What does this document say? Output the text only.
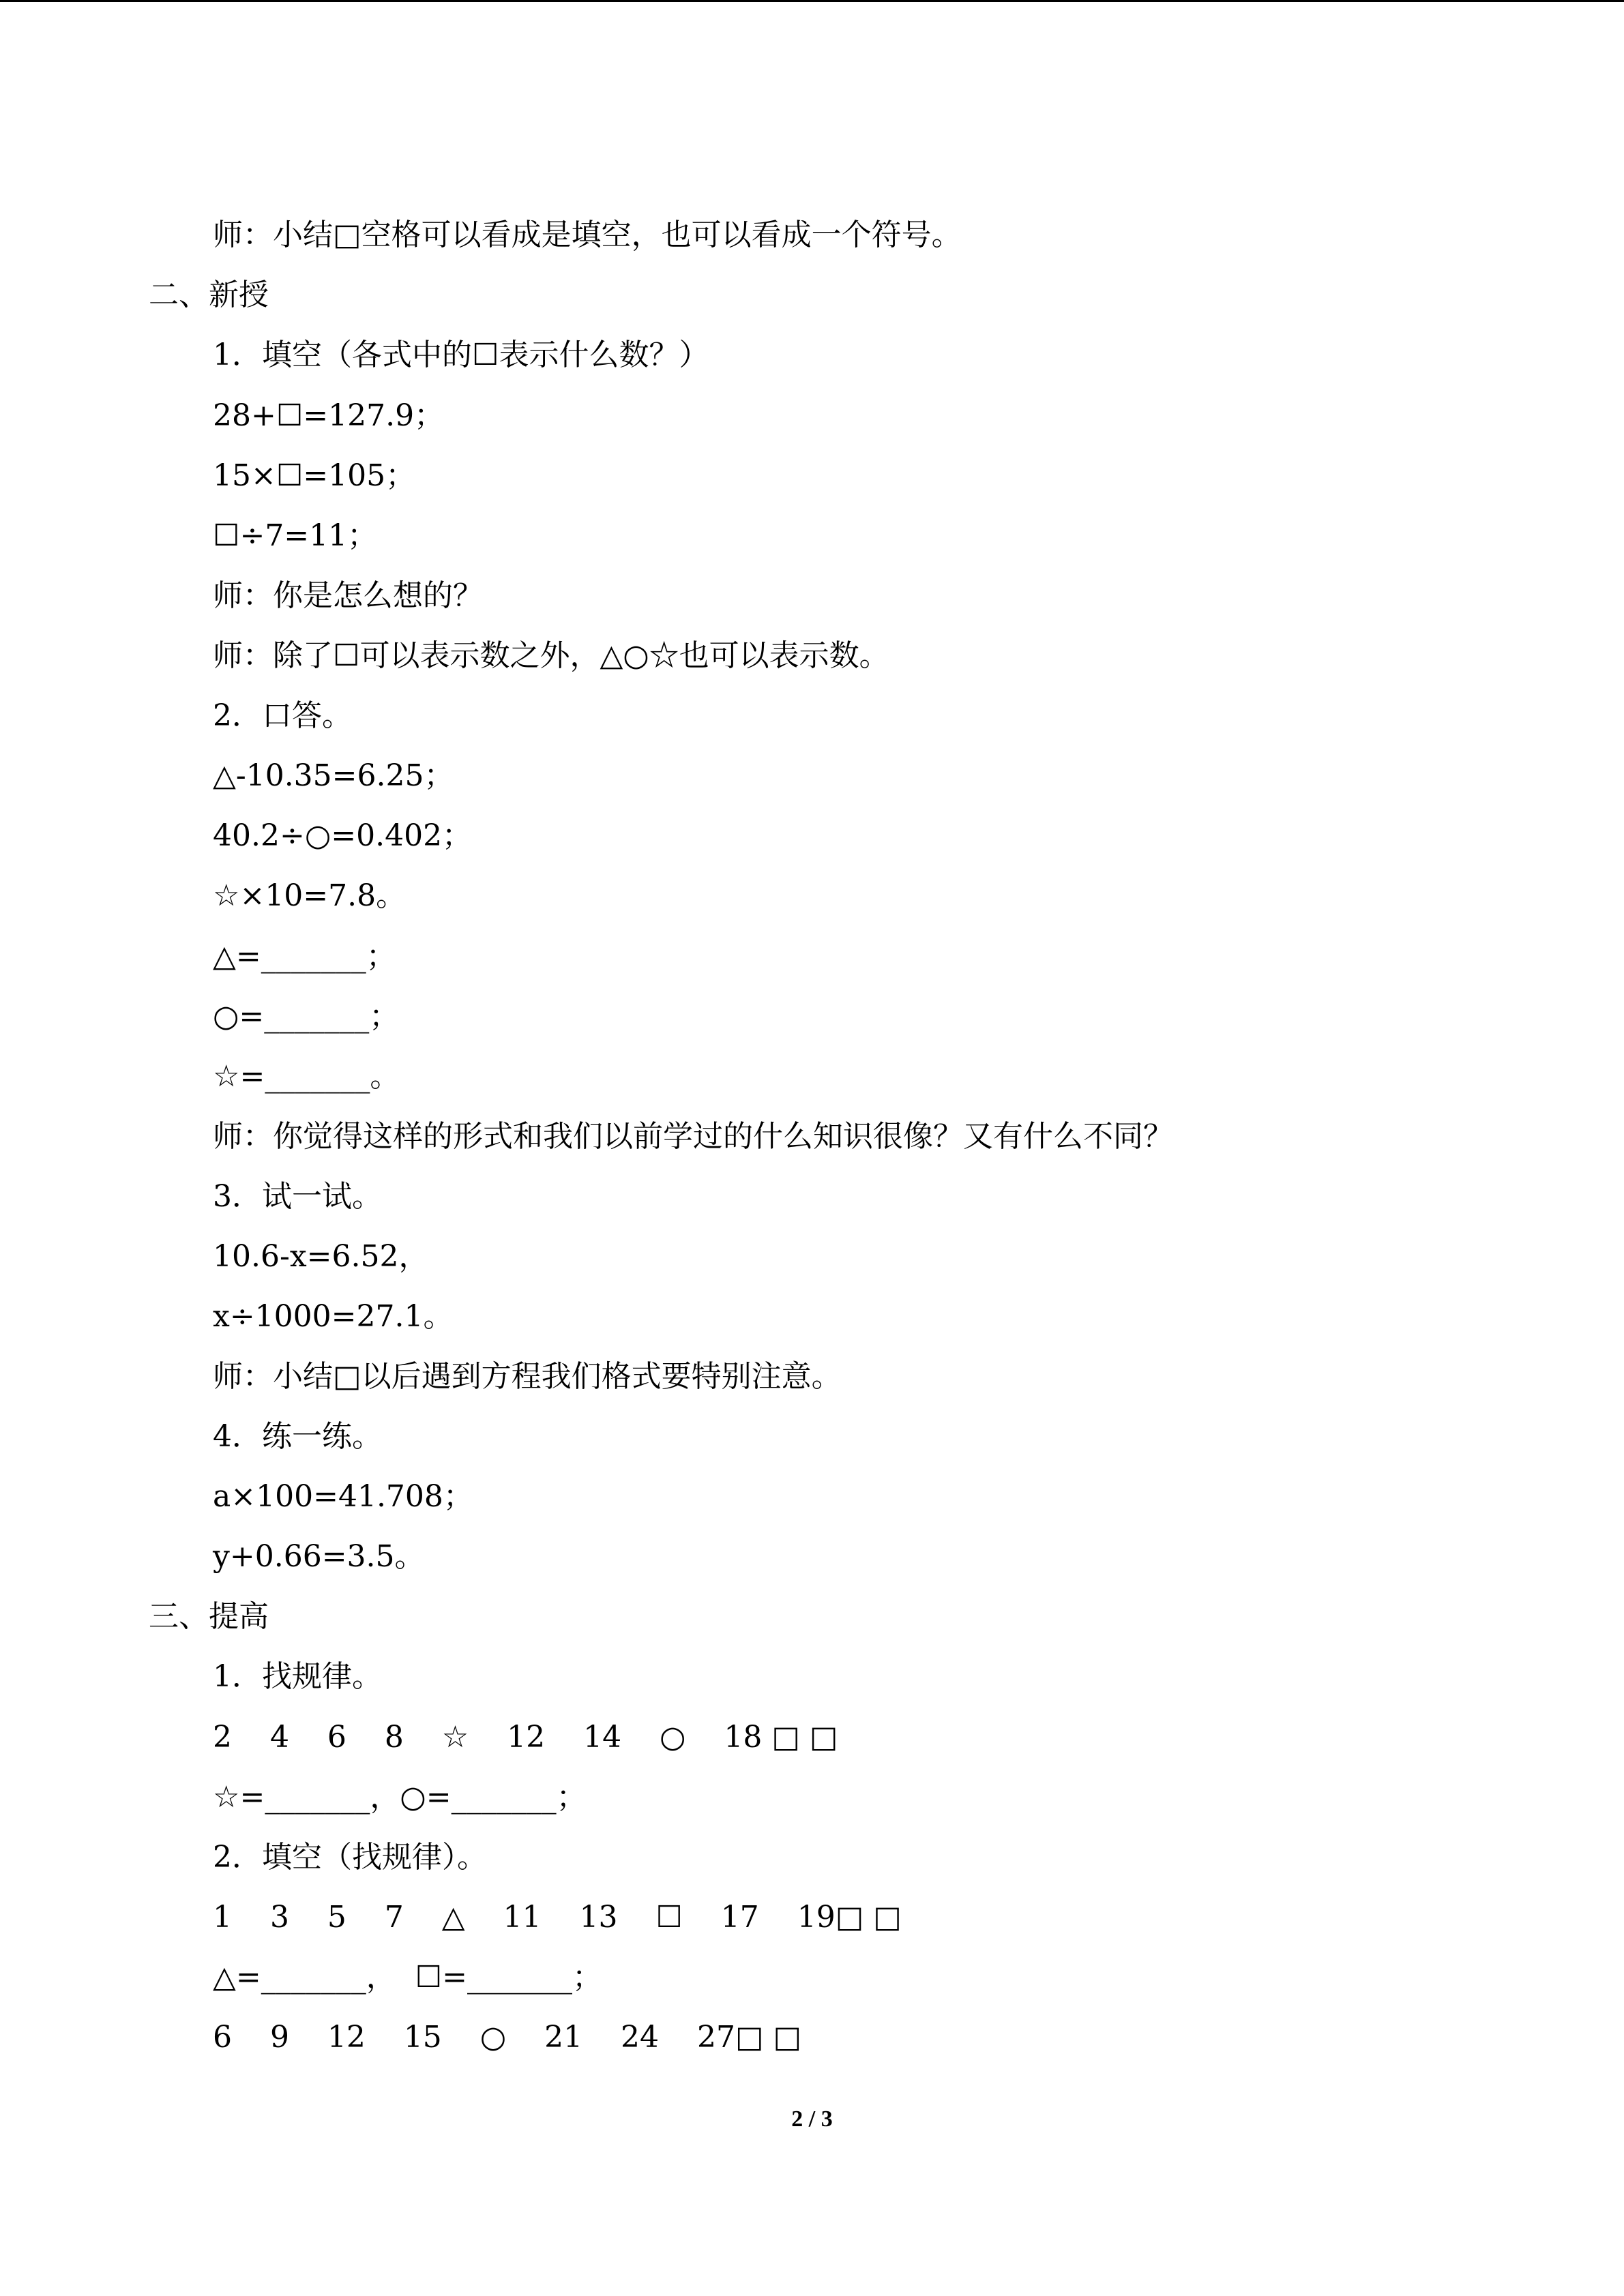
师：小结□空格可以看成是填空，也可以看成一个符号。
二、新授
1．填空（各式中的☐表示什么数？）
28+☐=127.9；
15×☐=105；
☐÷7=11；
师：你是怎么想的？
师：除了☐可以表示数之外，△○☆也可以表示数。
2．口答。
△-10.35=6.25；
40.2÷○=0.402；
☆×10=7.8。
△=_______；
○=_______；
☆=_______。
师：你觉得这样的形式和我们以前学过的什么知识很像？又有什么不同？
3．试一试。
10.6-x=6.52，
x÷1000=27.1。
师：小结□以后遇到方程我们格式要特别注意。
4．练一练。
a×100=41.708；
y+0.66=3.5。
三、提高
1．找规律。
2    4    6    8    ☆    12    14    ○    18 □ □
☆=_______，○=_______；
2．填空（找规律）。
1    3    5    7    △    11    13    ☐    17    19□ □
△=_______，  ☐=_______；
6    9    12    15    ○    21    24    27□ □
2 / 3
